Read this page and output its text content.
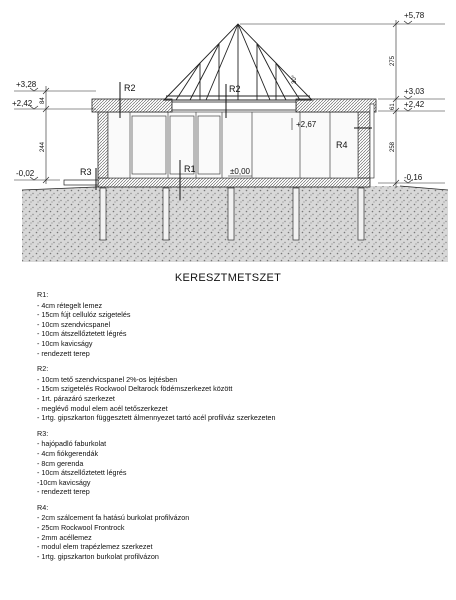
+5,78
+3,28
+2,42
+3,03
+2,42
+2,67
±0,00
-0,02	-0,16
84
244
275
61
258
30°
R2	R2
R1
R3
R4
KERESZTMETSZET
R1:
- 4cm rétegelt lemez
- 15cm fújt cellulóz szigetelés
- 10cm szendvicspanel
- 10cm átszellőztetett légrés
- 10cm kavicságy
- rendezett terep
R2:
- 10cm tető szendvicspanel 2%-os lejtésben
- 15cm szigetelés Rockwool Deltarock födémszerkezet között
- 1rt. párazáró szerkezet
- meglévő modul elem acél tetőszerkezet
- 1rtg. gipszkarton függesztett álmennyezet tartó acél profilváz szerkezeten
R3:
- hajópadló faburkolat
- 4cm fiókgerendák
- 8cm gerenda
- 10cm átszellőztetett légrés
-10cm kavicságy
- rendezett terep
R4:
- 2cm szálcement fa hatású burkolat profilvázon
- 25cm Rockwool Frontrock
- 2mm acéllemez
- modul elem trapézlemez szerkezet
- 1rtg. gipszkarton burkolat profilvázon
